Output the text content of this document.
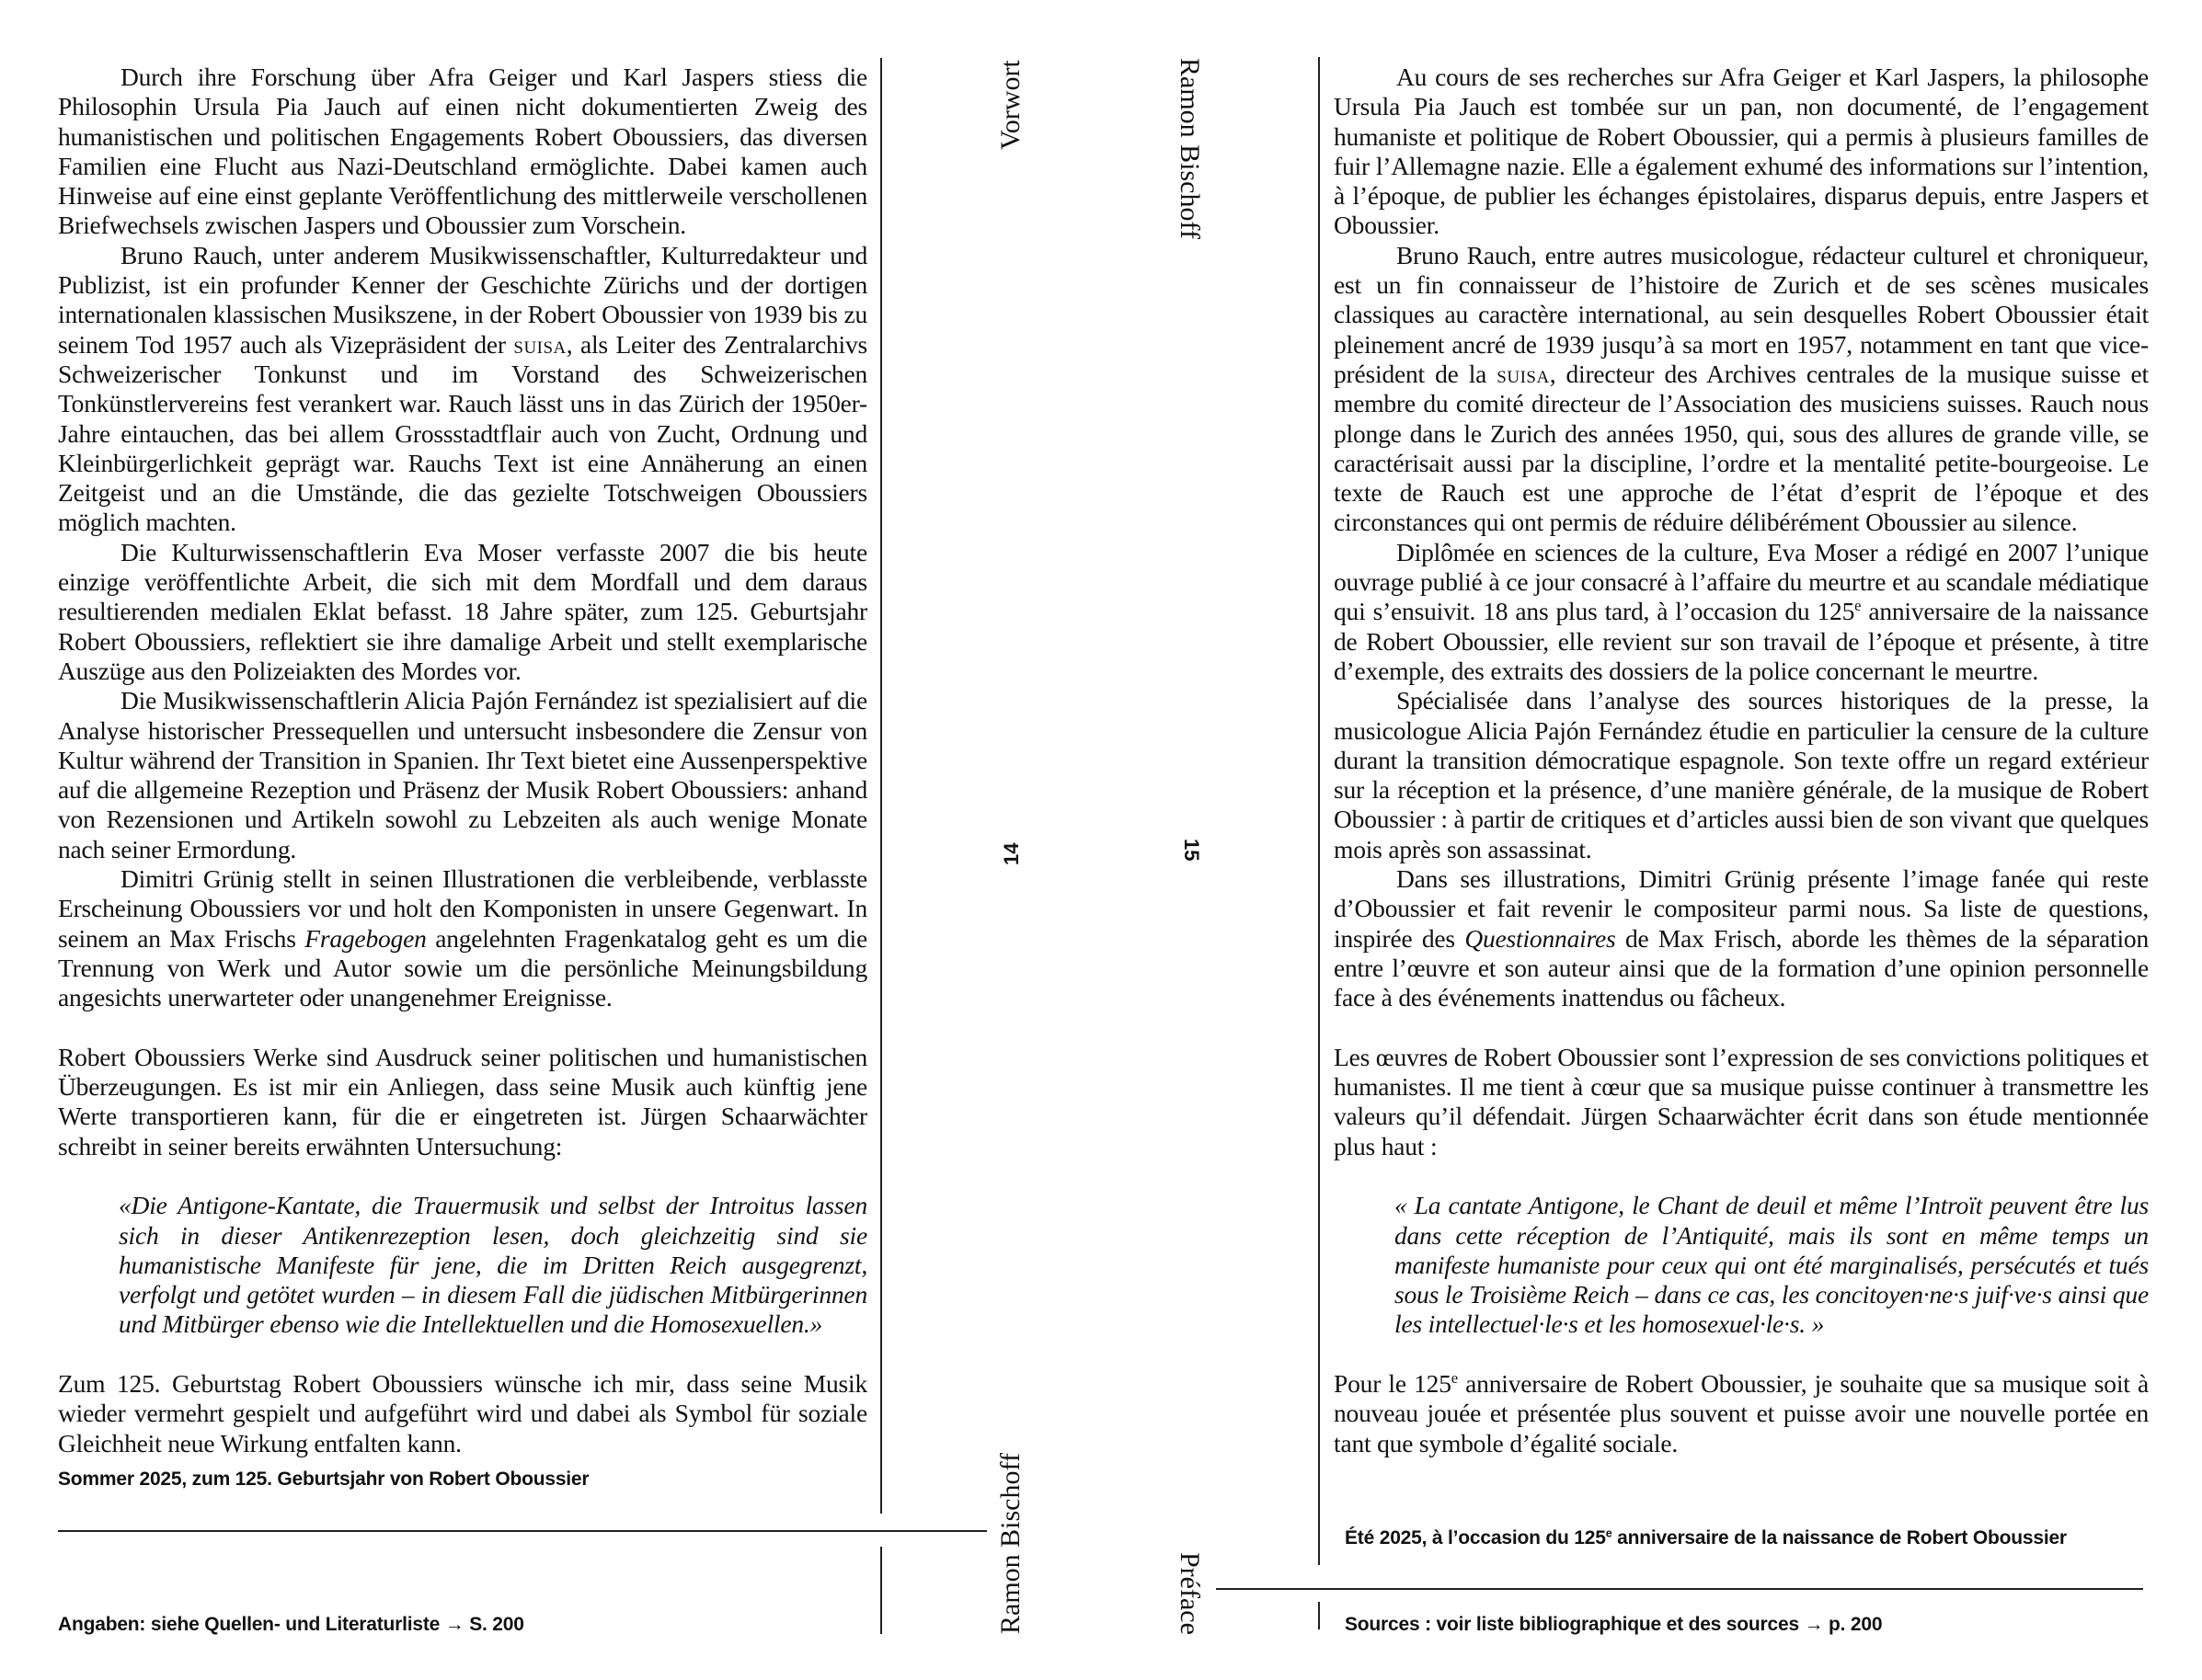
Durch ihre Forschung über Afra Geiger und Karl Jaspers stiess die Philosophin Ursula Pia Jauch auf einen nicht dokumentierten Zweig des humanistischen und politischen Engagements Robert Oboussiers, das diversen Familien eine Flucht aus Nazi-Deutschland ermöglichte. Dabei kamen auch Hinweise auf eine einst geplante Veröffentlichung des mittlerweile verschollenen Briefwechsels zwischen Jaspers und Oboussier zum Vorschein.

Bruno Rauch, unter anderem Musikwissenschaftler, Kulturredakteur und Publizist, ist ein profunder Kenner der Geschichte Zürichs und der dortigen internationalen klassischen Musikszene, in der Robert Oboussier von 1939 bis zu seinem Tod 1957 auch als Vizepräsident der suisa, als Leiter des Zentralarchivs Schweizerischer Tonkunst und im Vorstand des Schweizerischen Tonkünstlervereins fest verankert war. Rauch lässt uns in das Zürich der 1950er-Jahre eintauchen, das bei allem Grossstadtflair auch von Zucht, Ordnung und Kleinbürgerlichkeit geprägt war. Rauchs Text ist eine Annäherung an einen Zeitgeist und an die Umstände, die das gezielte Totschweigen Oboussiers möglich machten.

Die Kulturwissenschaftlerin Eva Moser verfasste 2007 die bis heute einzige veröffentlichte Arbeit, die sich mit dem Mordfall und dem daraus resultierenden medialen Eklat befasst. 18 Jahre später, zum 125. Geburtsjahr Robert Oboussiers, reflektiert sie ihre damalige Arbeit und stellt exemplarische Auszüge aus den Polizeiakten des Mordes vor.

Die Musikwissenschaftlerin Alicia Pajón Fernández ist spezialisiert auf die Analyse historischer Pressequellen und untersucht insbesondere die Zensur von Kultur während der Transition in Spanien. Ihr Text bietet eine Aussenperspektive auf die allgemeine Rezeption und Präsenz der Musik Robert Oboussiers: anhand von Rezensionen und Artikeln sowohl zu Lebzeiten als auch wenige Monate nach seiner Ermordung.

Dimitri Grünig stellt in seinen Illustrationen die verbleibende, verblasste Erscheinung Oboussiers vor und holt den Komponisten in unsere Gegenwart. In seinem an Max Frischs Fragebogen angelehnten Fragenkatalog geht es um die Trennung von Werk und Autor sowie um die persönliche Meinungsbildung angesichts unerwarteter oder unangenehmer Ereignisse.

Robert Oboussiers Werke sind Ausdruck seiner politischen und humanistischen Überzeugungen. Es ist mir ein Anliegen, dass seine Musik auch künftig jene Werte transportieren kann, für die er eingetreten ist. Jürgen Schaarwächter schreibt in seiner bereits erwähnten Untersuchung:

«Die Antigone-Kantate, die Trauermusik und selbst der Introitus lassen sich in dieser Antikenrezeption lesen, doch gleichzeitig sind sie humanistische Manifeste für jene, die im Dritten Reich ausgegrenzt, verfolgt und getötet wurden – in diesem Fall die jüdischen Mitbürgerinnen und Mitbürger ebenso wie die Intellektuellen und die Homosexuellen.»

Zum 125. Geburtstag Robert Oboussiers wünsche ich mir, dass seine Musik wieder vermehrt gespielt und aufgeführt wird und dabei als Symbol für soziale Gleichheit neue Wirkung entfalten kann.

Sommer 2025, zum 125. Geburtsjahr von Robert Oboussier
Angaben: siehe Quellen- und Literaturliste → S. 200
Vorwort
14
Ramon Bischoff
Ramon Bischoff
15
Préface

Au cours de ses recherches sur Afra Geiger et Karl Jaspers, la philosophe Ursula Pia Jauch est tombée sur un pan, non documenté, de l’engagement humaniste et politique de Robert Oboussier, qui a permis à plusieurs familles de fuir l’Allemagne nazie. Elle a également exhumé des informations sur l’intention, à l’époque, de publier les échanges épistolaires, disparus depuis, entre Jaspers et Oboussier.

Bruno Rauch, entre autres musicologue, rédacteur culturel et chroniqueur, est un fin connaisseur de l’histoire de Zurich et de ses scènes musicales classiques au caractère international, au sein desquelles Robert Oboussier était pleinement ancré de 1939 jusqu’à sa mort en 1957, notamment en tant que vice-président de la suisa, directeur des Archives centrales de la musique suisse et membre du comité directeur de l’Association des musiciens suisses. Rauch nous plonge dans le Zurich des années 1950, qui, sous des allures de grande ville, se caractérisait aussi par la discipline, l’ordre et la mentalité petite-bourgeoise. Le texte de Rauch est une approche de l’état d’esprit de l’époque et des circonstances qui ont permis de réduire délibérément Oboussier au silence.

Diplômée en sciences de la culture, Eva Moser a rédigé en 2007 l’unique ouvrage publié à ce jour consacré à l’affaire du meurtre et au scandale médiatique qui s’ensuivit. 18 ans plus tard, à l’occasion du 125e anniversaire de la naissance de Robert Oboussier, elle revient sur son travail de l’époque et présente, à titre d’exemple, des extraits des dossiers de la police concernant le meurtre.

Spécialisée dans l’analyse des sources historiques de la presse, la musicologue Alicia Pajón Fernández étudie en particulier la censure de la culture durant la transition démocratique espagnole. Son texte offre un regard extérieur sur la réception et la présence, d’une manière générale, de la musique de Robert Oboussier : à partir de critiques et d’articles aussi bien de son vivant que quelques mois après son assassinat.

Dans ses illustrations, Dimitri Grünig présente l’image fanée qui reste d’Oboussier et fait revenir le compositeur parmi nous. Sa liste de questions, inspirée des Questionnaires de Max Frisch, aborde les thèmes de la séparation entre l’œuvre et son auteur ainsi que de la formation d’une opinion personnelle face à des événements inattendus ou fâcheux.

Les œuvres de Robert Oboussier sont l’expression de ses convictions politiques et humanistes. Il me tient à cœur que sa musique puisse continuer à transmettre les valeurs qu’il défendait. Jürgen Schaarwächter écrit dans son étude mentionnée plus haut :

« La cantate Antigone, le Chant de deuil et même l’Introït peuvent être lus dans cette réception de l’Antiquité, mais ils sont en même temps un manifeste humaniste pour ceux qui ont été marginalisés, persécutés et tués sous le Troisième Reich – dans ce cas, les concitoyen·ne·s juif·ve·s ainsi que les intellectuel·le·s et les homosexuel·le·s. »

Pour le 125e anniversaire de Robert Oboussier, je souhaite que sa musique soit à nouveau jouée et présentée plus souvent et puisse avoir une nouvelle portée en tant que symbole d’égalité sociale.

Été 2025, à l’occasion du 125e anniversaire de la naissance de Robert Oboussier
Sources : voir liste bibliographique et des sources → p. 200
